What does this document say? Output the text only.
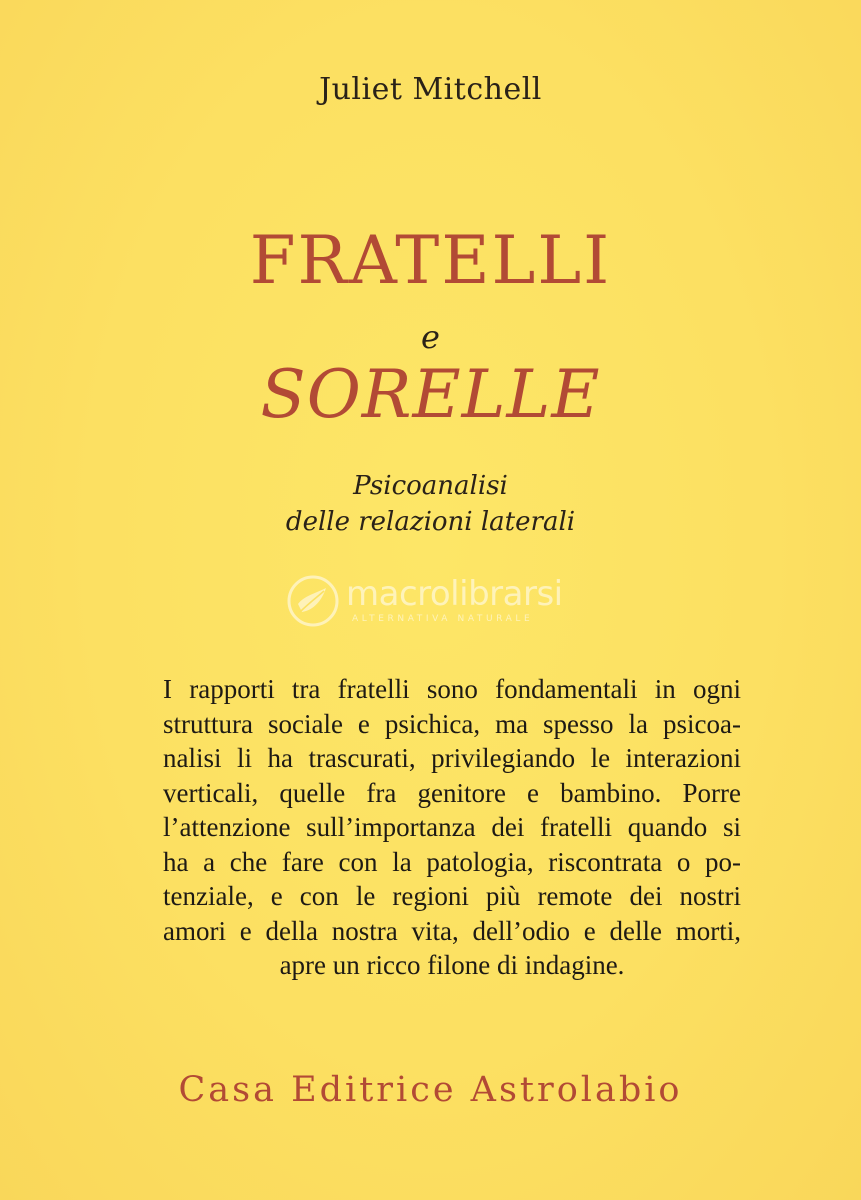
Juliet Mitchell
FRATELLI
e
SORELLE
Psicoanalisi
delle relazioni laterali
macrolibrarsi
ALTERNATIVA NATURALE
I rapporti tra fratelli sono fondamentali in ogni
struttura sociale e psichica, ma spesso la psicoa-
nalisi li ha trascurati, privilegiando le interazioni
verticali, quelle fra genitore e bambino. Porre
l’attenzione sull’importanza dei fratelli quando si
ha a che fare con la patologia, riscontrata o po-
tenziale, e con le regioni più remote dei nostri
amori e della nostra vita, dell’odio e delle morti,
apre un ricco filone di indagine.
Casa Editrice Astrolabio
